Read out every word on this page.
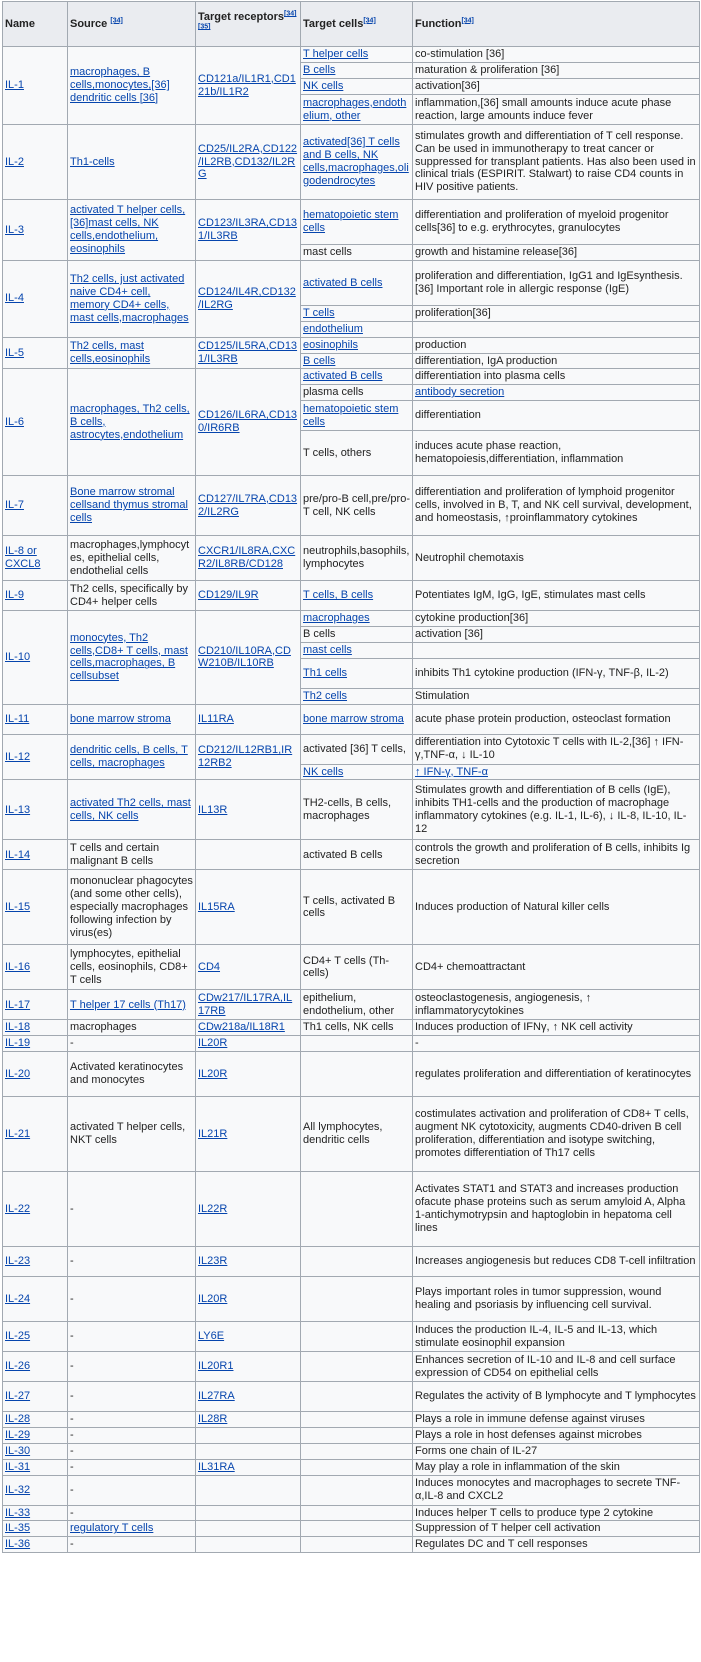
Name	Source [34]	Target receptors[34][35]	Target cells[34]	Function[34]
IL-1	macrophages, B cells,monocytes,[36] dendritic cells [36]	CD121a/IL1R1,CD121b/IL1R2	T helper cells	co-stimulation [36]
			B cells	maturation & proliferation [36]
			NK cells	activation[36]
			macrophages,endothelium, other	inflammation,[36] small amounts induce acute phase reaction, large amounts induce fever
IL-2	Th1-cells	CD25/IL2RA,CD122/IL2RB,CD132/IL2RG	activated[36] T cells and B cells, NK cells,macrophages,oligodendrocytes	stimulates growth and differentiation of T cell response. Can be used in immunotherapy to treat cancer or suppressed for transplant patients. Has also been used in clinical trials (ESPIRIT. Stalwart) to raise CD4 counts in HIV positive patients.
IL-3	activated T helper cells,[36]mast cells, NK cells,endothelium, eosinophils	CD123/IL3RA,CD131/IL3RB	hematopoietic stem cells	differentiation and proliferation of myeloid progenitor cells[36] to e.g. erythrocytes, granulocytes
			mast cells	growth and histamine release[36]
IL-4	Th2 cells, just activated naive CD4+ cell, memory CD4+ cells, mast cells,macrophages	CD124/IL4R,CD132/IL2RG	activated B cells	proliferation and differentiation, IgG1 and IgEsynthesis.[36] Important role in allergic response (IgE)
			T cells	proliferation[36]
			endothelium	
IL-5	Th2 cells, mast cells,eosinophils	CD125/IL5RA,CD131/IL3RB	eosinophils	production
			B cells	differentiation, IgA production
IL-6	macrophages, Th2 cells, B cells, astrocytes,endothelium	CD126/IL6RA,CD130/IR6RB	activated B cells	differentiation into plasma cells
			plasma cells	antibody secretion
			hematopoietic stem cells	differentiation
			T cells, others	induces acute phase reaction, hematopoiesis,differentiation, inflammation
IL-7	Bone marrow stromal cellsand thymus stromal cells	CD127/IL7RA,CD132/IL2RG	pre/pro-B cell,pre/pro-T cell, NK cells	differentiation and proliferation of lymphoid progenitor cells, involved in B, T, and NK cell survival, development, and homeostasis, ↑proinflammatory cytokines
IL-8 or CXCL8	macrophages,lymphocytes, epithelial cells, endothelial cells	CXCR1/IL8RA,CXCR2/IL8RB/CD128	neutrophils,basophils, lymphocytes	Neutrophil chemotaxis
IL-9	Th2 cells, specifically by CD4+ helper cells	CD129/IL9R	T cells, B cells	Potentiates IgM, IgG, IgE, stimulates mast cells
IL-10	monocytes, Th2 cells,CD8+ T cells, mast cells,macrophages, B cellsubset	CD210/IL10RA,CDW210B/IL10RB	macrophages	cytokine production[36]
			B cells	activation [36]
			mast cells	
			Th1 cells	inhibits Th1 cytokine production (IFN-γ, TNF-β, IL-2)
			Th2 cells	Stimulation
IL-11	bone marrow stroma	IL11RA	bone marrow stroma	acute phase protein production, osteoclast formation
IL-12	dendritic cells, B cells, T cells, macrophages	CD212/IL12RB1,IR12RB2	activated [36] T cells,	differentiation into Cytotoxic T cells with IL-2,[36] ↑ IFN-γ,TNF-α, ↓ IL-10
			NK cells	↑ IFN-γ, TNF-α
IL-13	activated Th2 cells, mast cells, NK cells	IL13R	TH2-cells, B cells, macrophages	Stimulates growth and differentiation of B cells (IgE), inhibits TH1-cells and the production of macrophage inflammatory cytokines (e.g. IL-1, IL-6), ↓ IL-8, IL-10, IL-12
IL-14	T cells and certain malignant B cells		activated B cells	controls the growth and proliferation of B cells, inhibits Ig secretion
IL-15	mononuclear phagocytes (and some other cells), especially macrophages following infection by virus(es)	IL15RA	T cells, activated B cells	Induces production of Natural killer cells
IL-16	lymphocytes, epithelial cells, eosinophils, CD8+ T cells	CD4	CD4+ T cells (Th-cells)	CD4+ chemoattractant
IL-17	T helper 17 cells (Th17)	CDw217/IL17RA,IL17RB	epithelium, endothelium, other	osteoclastogenesis, angiogenesis, ↑ inflammatorycytokines
IL-18	macrophages	CDw218a/IL18R1	Th1 cells, NK cells	Induces production of IFNγ, ↑ NK cell activity
IL-19	-	IL20R		-
IL-20	Activated keratinocytes and monocytes	IL20R		regulates proliferation and differentiation of keratinocytes
IL-21	activated T helper cells, NKT cells	IL21R	All lymphocytes, dendritic cells	costimulates activation and proliferation of CD8+ T cells, augment NK cytotoxicity, augments CD40-driven B cell proliferation, differentiation and isotype switching, promotes differentiation of Th17 cells
IL-22	-	IL22R		Activates STAT1 and STAT3 and increases production ofacute phase proteins such as serum amyloid A, Alpha 1-antichymotrypsin and haptoglobin in hepatoma cell lines
IL-23	-	IL23R		Increases angiogenesis but reduces CD8 T-cell infiltration
IL-24	-	IL20R		Plays important roles in tumor suppression, wound healing and psoriasis by influencing cell survival.
IL-25	-	LY6E		Induces the production IL-4, IL-5 and IL-13, which stimulate eosinophil expansion
IL-26	-	IL20R1		Enhances secretion of IL-10 and IL-8 and cell surface expression of CD54 on epithelial cells
IL-27	-	IL27RA		Regulates the activity of B lymphocyte and T lymphocytes
IL-28	-	IL28R		Plays a role in immune defense against viruses
IL-29	-			Plays a role in host defenses against microbes
IL-30	-			Forms one chain of IL-27
IL-31	-	IL31RA		May play a role in inflammation of the skin
IL-32	-			Induces monocytes and macrophages to secrete TNF-α,IL-8 and CXCL2
IL-33	-			Induces helper T cells to produce type 2 cytokine
IL-35	regulatory T cells			Suppression of T helper cell activation
IL-36	-			Regulates DC and T cell responses
